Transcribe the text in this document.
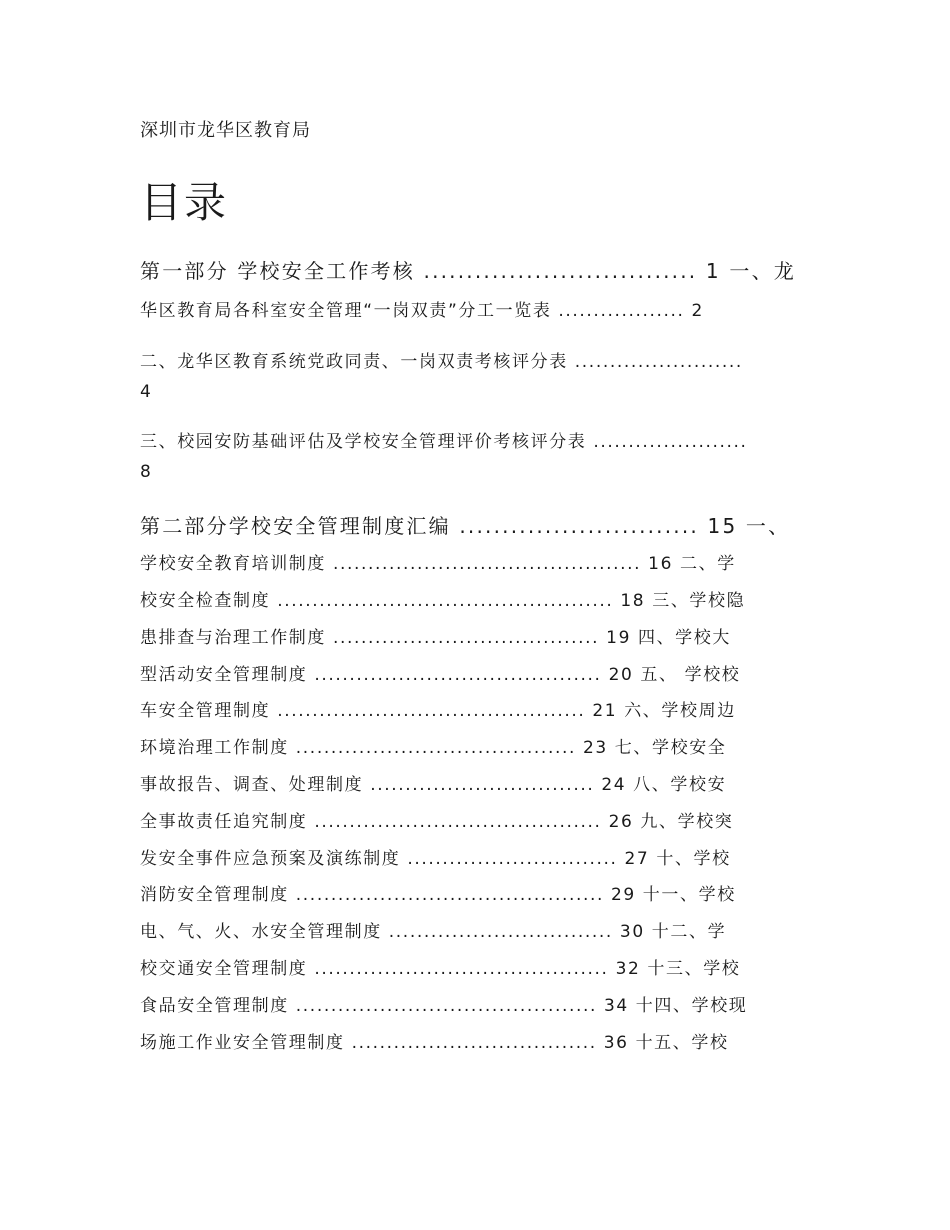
深圳市龙华区教育局
目录
第一部分 学校安全工作考核 ................................ 1 一、龙
华区教育局各科室安全管理“一岗双责”分工一览表 .................. 2
二、龙华区教育系统党政同责、一岗双责考核评分表 ........................
4
三、校园安防基础评估及学校安全管理评价考核评分表 ......................
8
第二部分学校安全管理制度汇编 ............................ 15 一、
学校安全教育培训制度 ............................................ 16 二、学
校安全检查制度 ................................................ 18 三、学校隐
患排查与治理工作制度 ...................................... 19 四、学校大
型活动安全管理制度 ......................................... 20 五、 学校校
车安全管理制度 ............................................ 21 六、学校周边
环境治理工作制度 ........................................ 23 七、学校安全
事故报告、调查、处理制度 ................................ 24 八、学校安
全事故责任追究制度 ......................................... 26 九、学校突
发安全事件应急预案及演练制度 .............................. 27 十、学校
消防安全管理制度 ............................................ 29 十一、学校
电、气、火、水安全管理制度 ................................ 30 十二、学
校交通安全管理制度 .......................................... 32 十三、学校
食品安全管理制度 ........................................... 34 十四、学校现
场施工作业安全管理制度 ................................... 36 十五、学校
